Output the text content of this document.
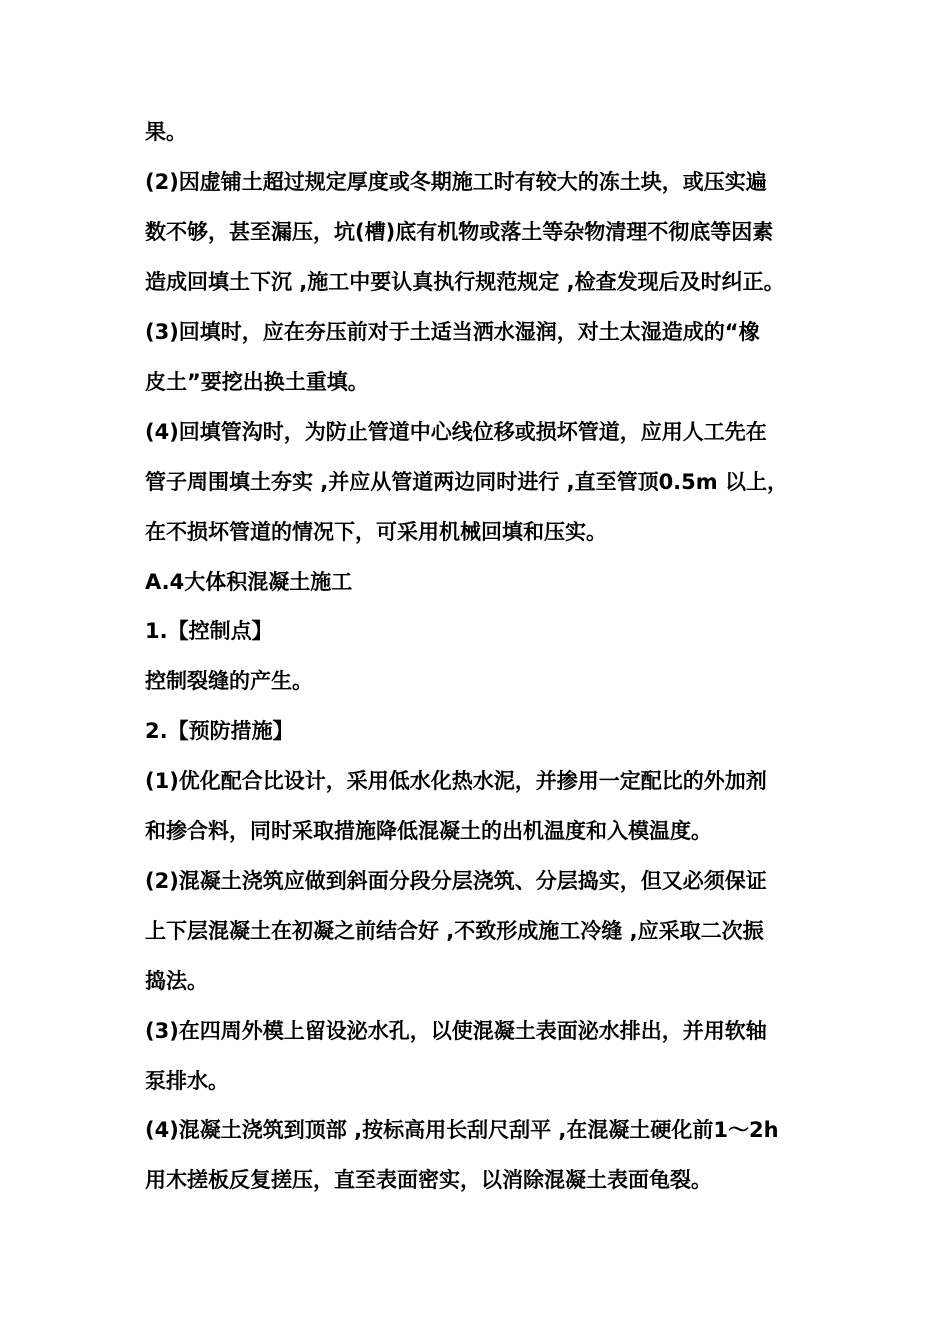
果。
(2)因虚铺土超过规定厚度或冬期施工时有较大的冻土块，或压实遍
数不够，甚至漏压，坑(槽)底有机物或落土等杂物清理不彻底等因素
造成回填土下沉 ,施工中要认真执行规范规定 ,检查发现后及时纠正。
(3)回填时，应在夯压前对于土适当洒水湿润，对土太湿造成的“橡
皮土”要挖出换土重填。
(4)回填管沟时，为防止管道中心线位移或损坏管道，应用人工先在
管子周围填土夯实 ,并应从管道两边同时进行 ,直至管顶0.5m 以上，
在不损坏管道的情况下，可采用机械回填和压实。
A.4大体积混凝土施工
1.【控制点】
控制裂缝的产生。
2.【预防措施】
(1)优化配合比设计，采用低水化热水泥，并掺用一定配比的外加剂
和掺合料，同时采取措施降低混凝土的出机温度和入模温度。
(2)混凝土浇筑应做到斜面分段分层浇筑、分层捣实，但又必须保证
上下层混凝土在初凝之前结合好 ,不致形成施工冷缝 ,应采取二次振
捣法。
(3)在四周外模上留设泌水孔，以使混凝土表面泌水排出，并用软轴
泵排水。
(4)混凝土浇筑到顶部 ,按标高用长刮尺刮平 ,在混凝土硬化前1～2h
用木搓板反复搓压，直至表面密实，以消除混凝土表面龟裂。
